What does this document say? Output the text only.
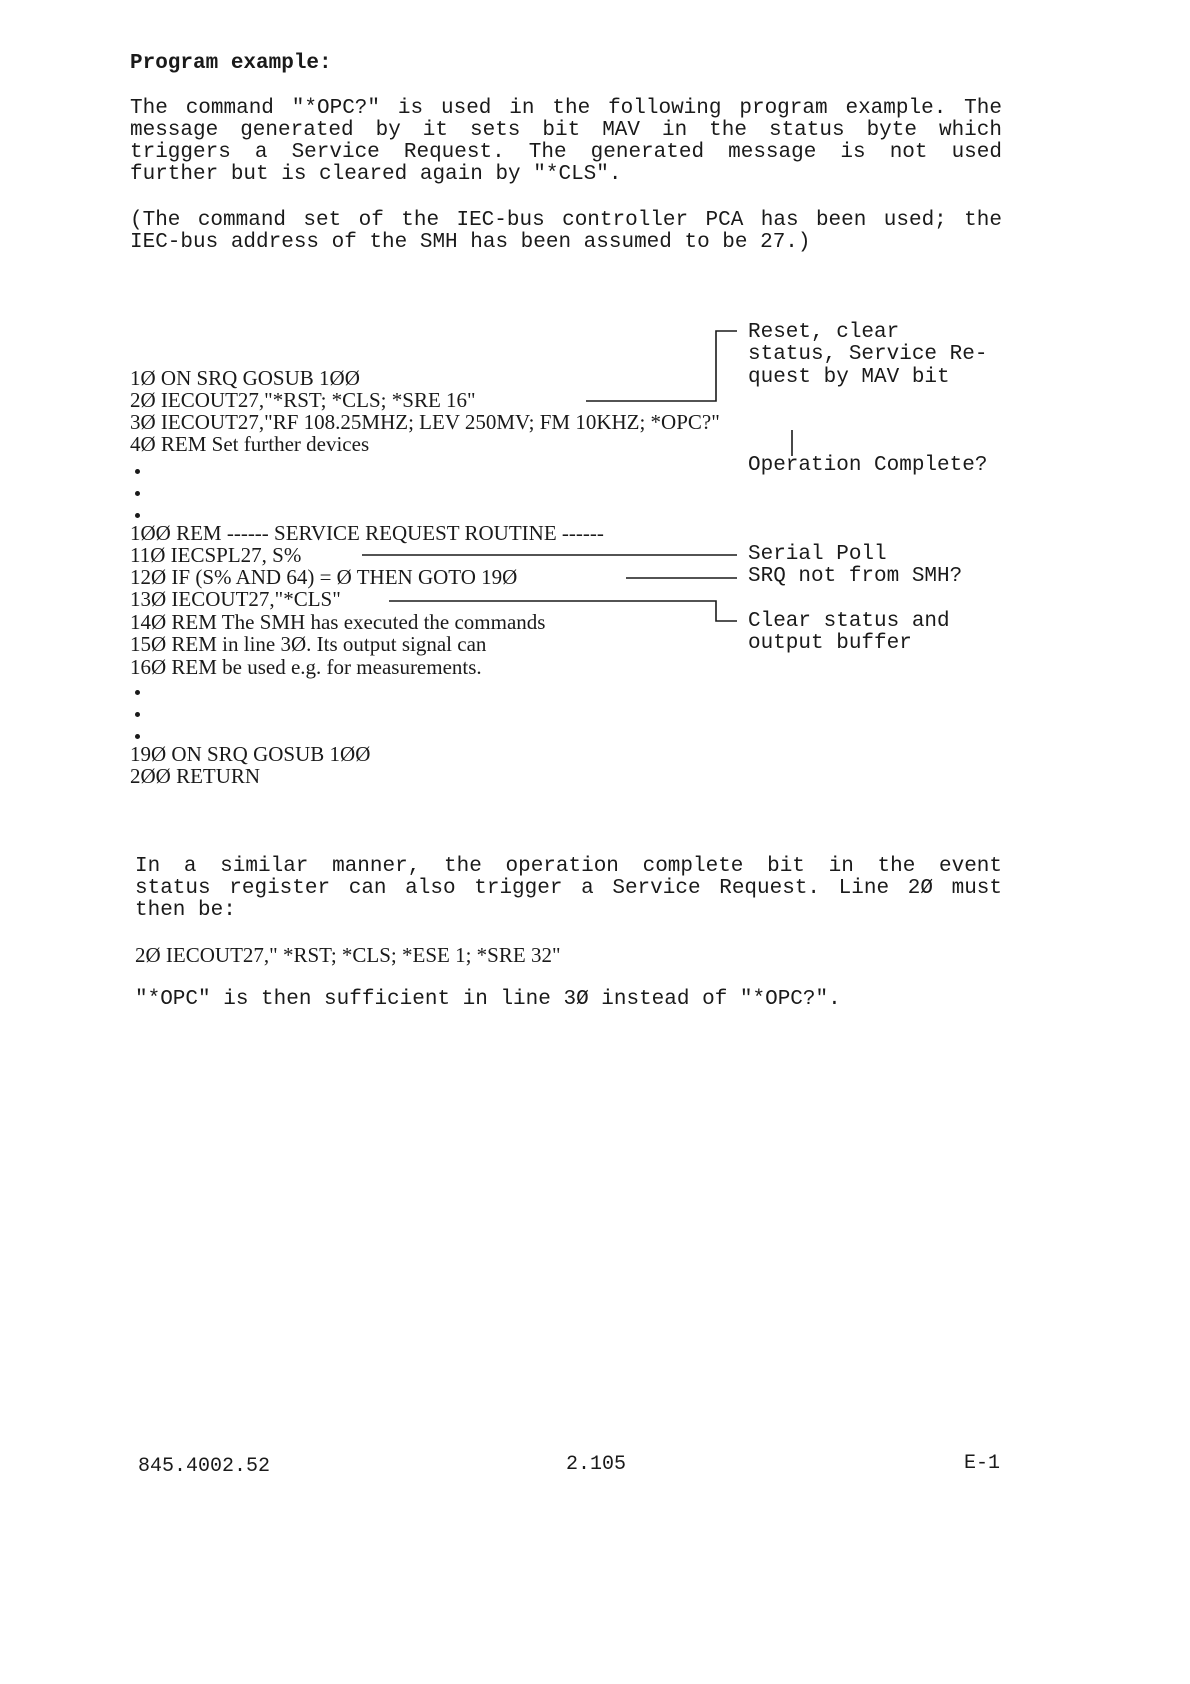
Program example:
The command "*OPC?" is used in the following program example. The
message generated by it sets bit MAV in the status byte which
triggers a Service Request. The generated message is not used
further but is cleared again by "*CLS".
(The command set of the IEC-bus controller PCA has been used; the
IEC-bus address of the SMH has been assumed to be 27.)
1Ø ON SRQ GOSUB 1ØØ
2Ø IECOUT27,"*RST; *CLS; *SRE 16"
3Ø IECOUT27,"RF 108.25MHZ; LEV 250MV; FM 10KHZ; *OPC?"
4Ø REM Set further devices
1ØØ REM ------ SERVICE REQUEST ROUTINE ------
11Ø IECSPL27, S%
12Ø IF (S% AND 64) = Ø THEN GOTO 19Ø
13Ø IECOUT27,"*CLS"
14Ø REM The SMH has executed the commands
15Ø REM in line 3Ø. Its output signal can
16Ø REM be used e.g. for measurements.
19Ø ON SRQ GOSUB 1ØØ
2ØØ RETURN
Reset, clear
status, Service Re-
quest by MAV bit
Operation Complete?
Serial Poll
SRQ not from SMH?
Clear status and
output buffer
In a similar manner, the operation complete bit in the event
status register can also trigger a Service Request. Line 2Ø must
then be:
2Ø IECOUT27," *RST; *CLS; *ESE 1; *SRE 32"
"*OPC" is then sufficient in line 3Ø instead of "*OPC?".
845.4002.52	2.105	E-1
